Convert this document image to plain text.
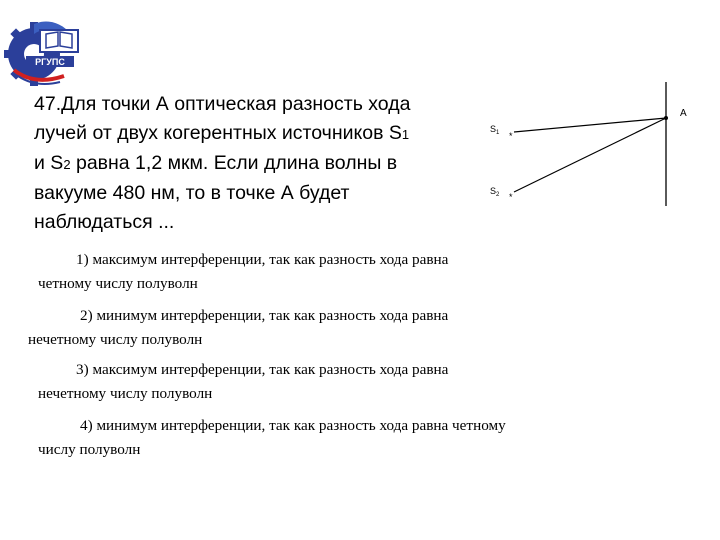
РГУПС
47.Для точки А оптическая разность хода
лучей от двух когерентных источников S1
и S2 равна 1,2 мкм. Если длина волны в
вакууме 480 нм, то в точке А будет
наблюдаться ...
A
$S_1$ *
$S_2$ *
1) максимум интерференции, так как разность хода равна
четному числу полуволн
2) минимум интерференции, так как разность хода равна
нечетному числу полуволн
3) максимум интерференции, так как разность хода равна
нечетному числу полуволн
4) минимум интерференции, так как разность хода равна четному
числу полуволн
